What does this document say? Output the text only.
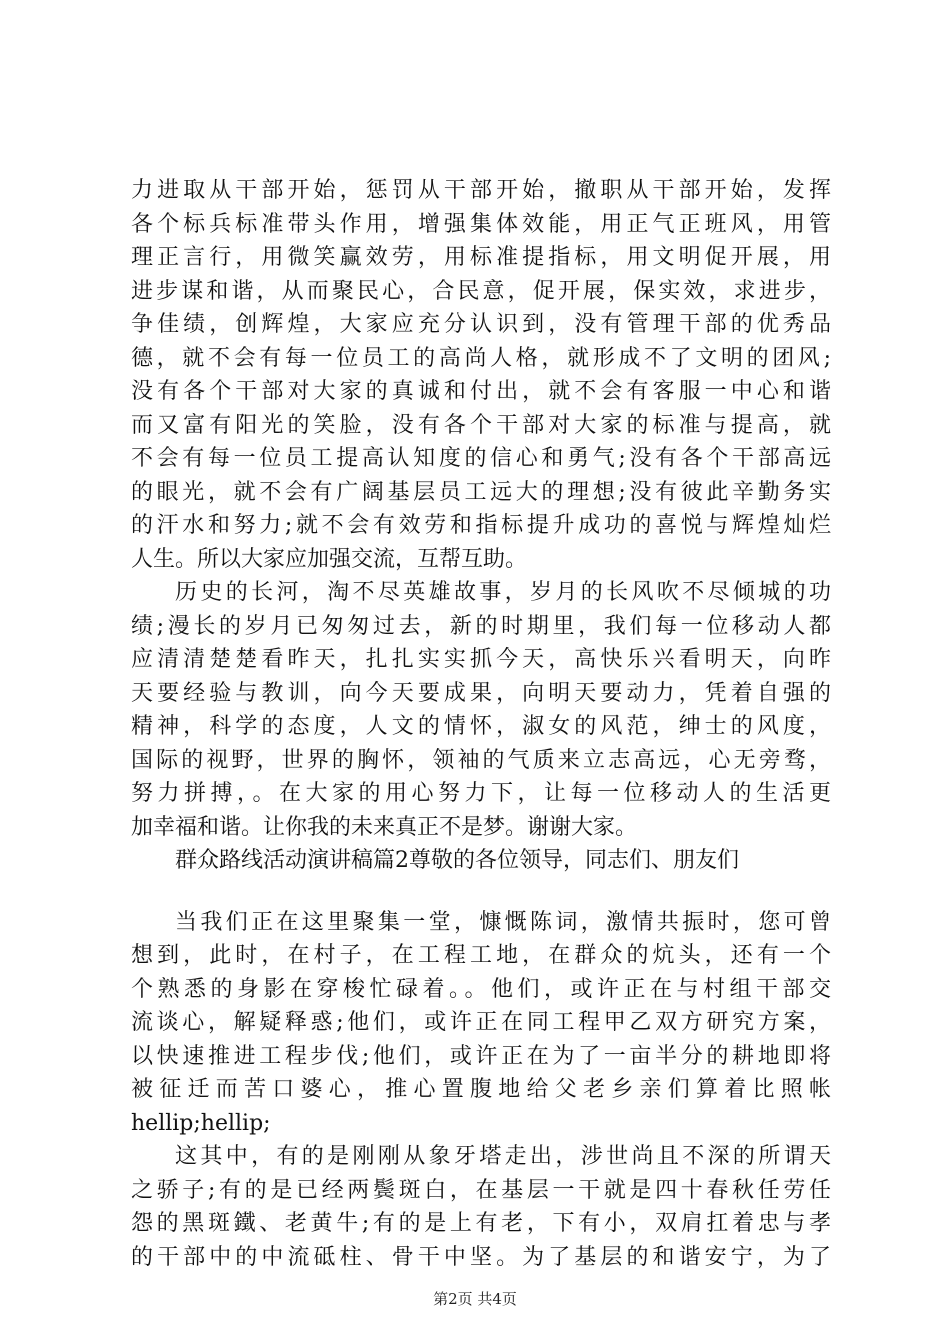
力进取从干部开始，惩罚从干部开始，撤职从干部开始，发挥
各个标兵标准带头作用，增强集体效能，用正气正班风，用管
理正言行，用微笑赢效劳，用标准提指标，用文明促开展，用
进步谋和谐，从而聚民心，合民意，促开展，保实效，求进步，
争佳绩，创辉煌，大家应充分认识到，没有管理干部的优秀品
德，就不会有每一位员工的高尚人格，就形成不了文明的团风;
没有各个干部对大家的真诚和付出，就不会有客服一中心和谐
而又富有阳光的笑脸，没有各个干部对大家的标准与提高，就
不会有每一位员工提高认知度的信心和勇气;没有各个干部高远
的眼光，就不会有广阔基层员工远大的理想;没有彼此辛勤务实
的汗水和努力;就不会有效劳和指标提升成功的喜悦与辉煌灿烂
人生。所以大家应加强交流，互帮互助。
历史的长河，淘不尽英雄故事，岁月的长风吹不尽倾城的功
绩;漫长的岁月已匆匆过去，新的时期里，我们每一位移动人都
应清清楚楚看昨天，扎扎实实抓今天，高快乐兴看明天，向昨
天要经验与教训，向今天要成果，向明天要动力，凭着自强的
精神，科学的态度，人文的情怀，淑女的风范，绅士的风度，
国际的视野，世界的胸怀，领袖的气质来立志高远，心无旁骛，
努力拼搏，。在大家的用心努力下，让每一位移动人的生活更
加幸福和谐。让你我的未来真正不是梦。谢谢大家。
群众路线活动演讲稿篇2尊敬的各位领导，同志们、朋友们
当我们正在这里聚集一堂，慷慨陈词，激情共振时，您可曾
想到，此时，在村子，在工程工地，在群众的炕头，还有一个
个熟悉的身影在穿梭忙碌着。。他们，或许正在与村组干部交
流谈心，解疑释惑;他们，或许正在同工程甲乙双方研究方案，
以快速推进工程步伐;他们，或许正在为了一亩半分的耕地即将
被征迁而苦口婆心，推心置腹地给父老乡亲们算着比照帐
hellip;hellip;
这其中，有的是刚刚从象牙塔走出，涉世尚且不深的所谓天
之骄子;有的是已经两鬓斑白，在基层一干就是四十春秋任劳任
怨的黑斑鐵、老黄牛;有的是上有老，下有小，双肩扛着忠与孝
的干部中的中流砥柱、骨干中坚。为了基层的和谐安宁，为了
第2页 共4页
